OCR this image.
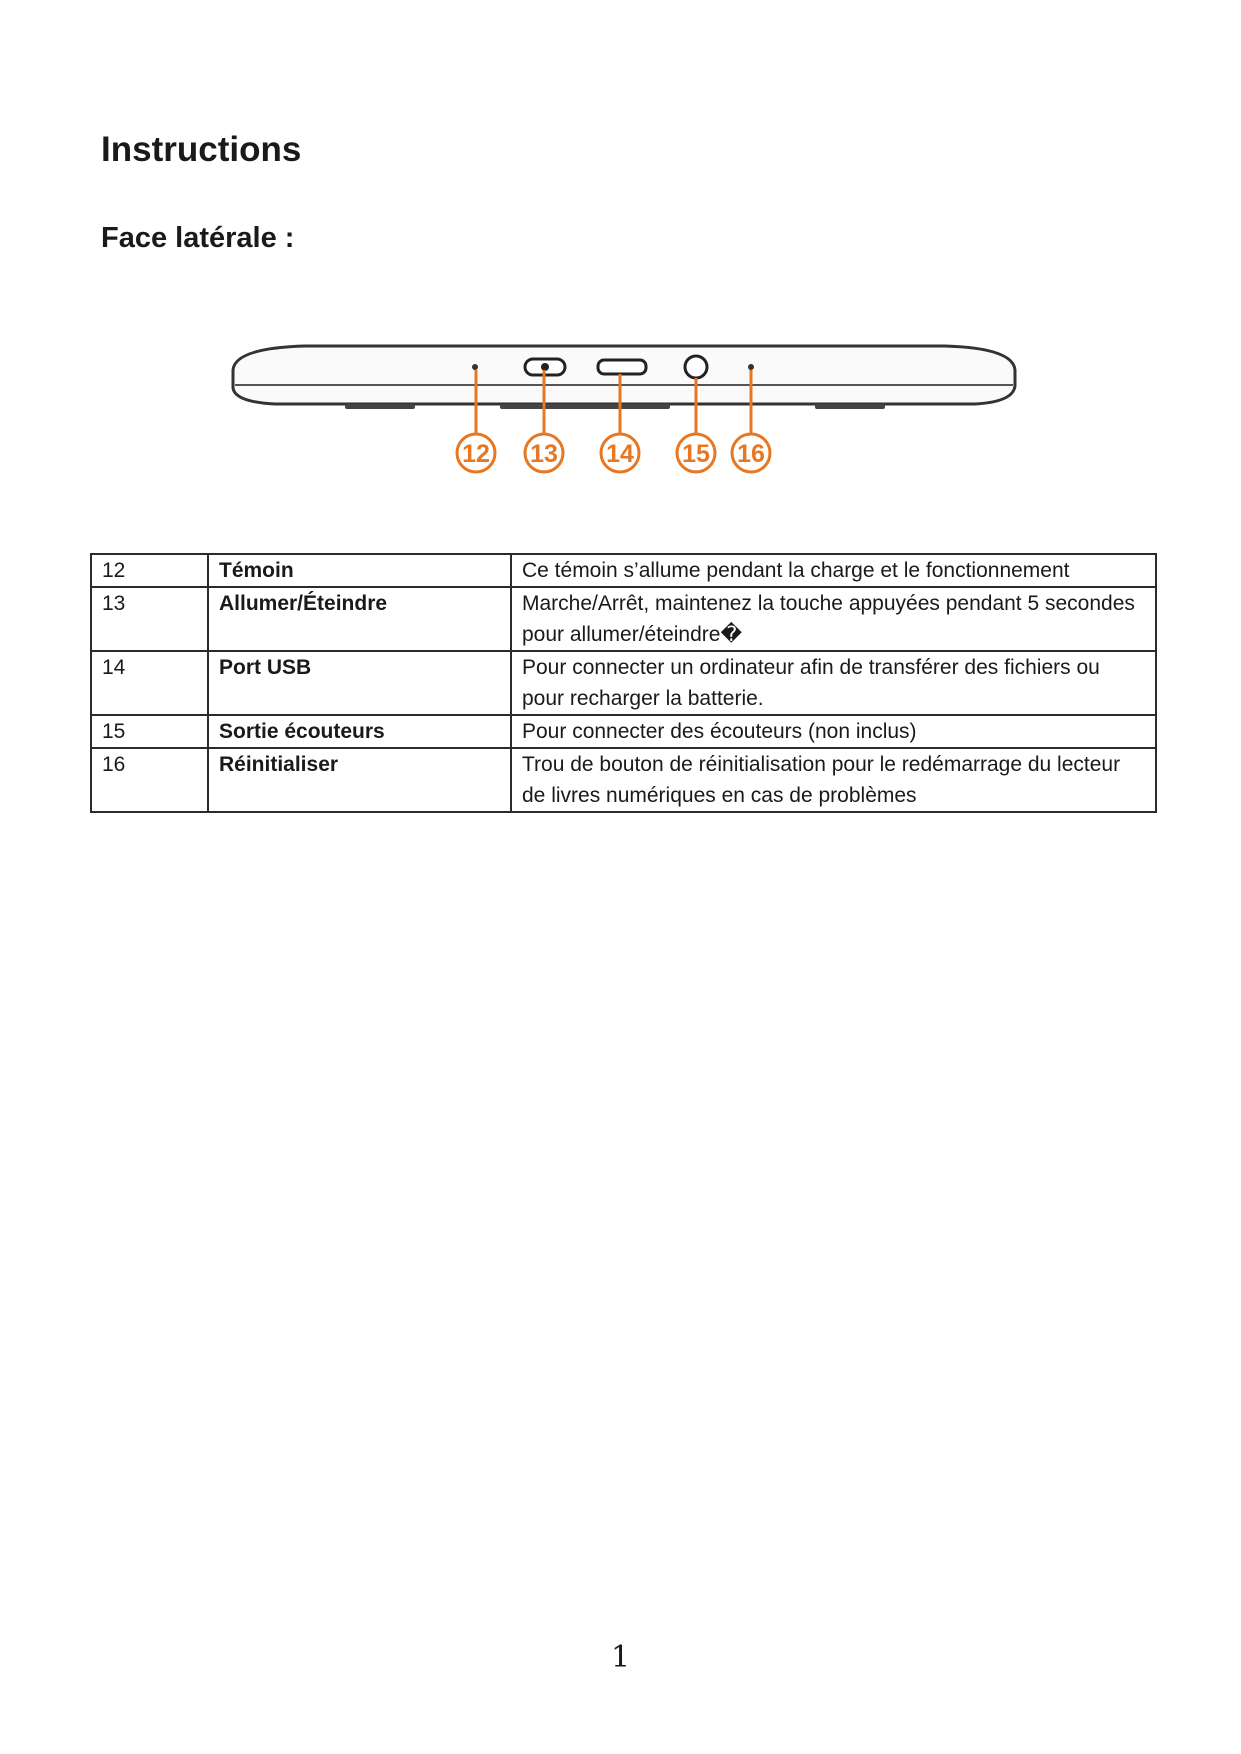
Instructions
Face latérale :
12 13 14 15 16
12	Témoin	Ce témoin s’allume pendant la charge et le fonctionnement
13	Allumer/Éteindre	Marche/Arrêt, maintenez la touche appuyées pendant 5 secondes pour allumer/éteindre�
14	Port USB	Pour connecter un ordinateur afin de transférer des fichiers ou pour recharger la batterie.
15	Sortie écouteurs	Pour connecter des écouteurs (non inclus)
16	Réinitialiser	Trou de bouton de réinitialisation pour le redémarrage du lecteur de livres numériques en cas de problèmes
1
